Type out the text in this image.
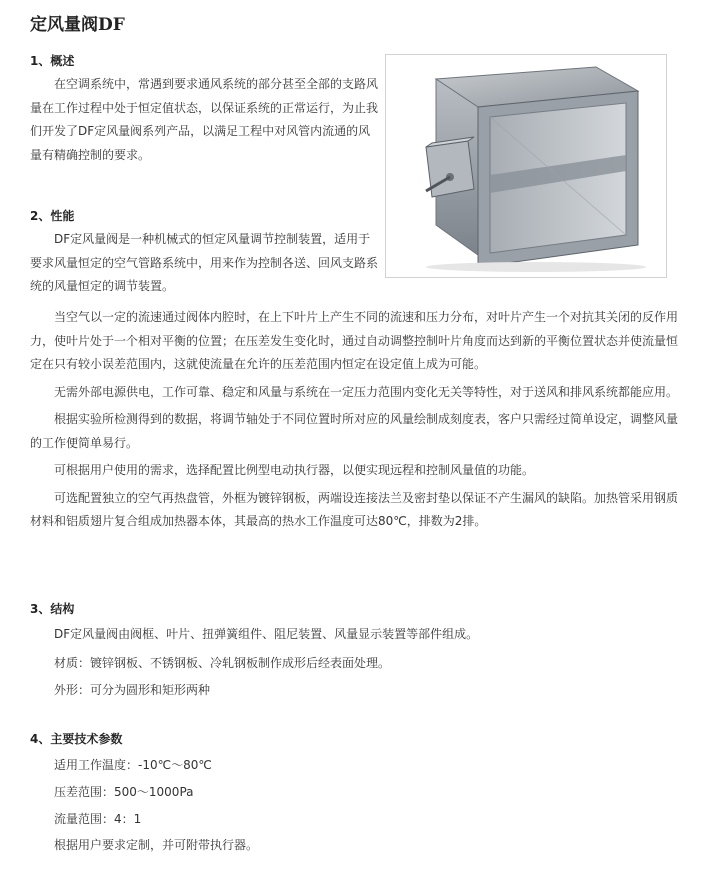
定风量阀DF
1、概述

在空调系统中，常遇到要求通风系统的部分甚至全部的支路风量在工作过程中处于恒定值状态，以保证系统的正常运行，为止我们开发了DF定风量阀系列产品，以满足工程中对风管内流通的风量有精确控制的要求。

2、性能

DF定风量阀是一种机械式的恒定风量调节控制装置，适用于要求风量恒定的空气管路系统中，用来作为控制各送、回风支路系统的风量恒定的调节装置。

当空气以一定的流速通过阀体内腔时，在上下叶片上产生不同的流速和压力分布，对叶片产生一个对抗其关闭的反作用力，使叶片处于一个相对平衡的位置；在压差发生变化时，通过自动调整控制叶片角度而达到新的平衡位置状态并使流量恒定在只有较小误差范围内，这就使流量在允许的压差范围内恒定在设定值上成为可能。

无需外部电源供电，工作可靠、稳定和风量与系统在一定压力范围内变化无关等特性，对于送风和排风系统都能应用。

根据实验所检测得到的数据，将调节轴处于不同位置时所对应的风量绘制成刻度表，客户只需经过简单设定，调整风量的工作便简单易行。

可根据用户使用的需求，选择配置比例型电动执行器，以便实现远程和控制风量值的功能。

可选配置独立的空气再热盘管，外框为镀锌钢板，两端设连接法兰及密封垫以保证不产生漏风的缺陷。加热管采用钢质材料和铝质翅片复合组成加热器本体，其最高的热水工作温度可达80℃，排数为2排。

3、结构
DF定风量阀由阀框、叶片、扭弹簧组件、阻尼装置、风量显示装置等部件组成。
材质：镀锌钢板、不锈钢板、冷轧钢板制作成形后经表面处理。
外形：可分为圆形和矩形两种
4、主要技术参数
适用工作温度：-10℃～80℃
压差范围：500～1000Pa
流量范围：4：1
根据用户要求定制，并可附带执行器。
